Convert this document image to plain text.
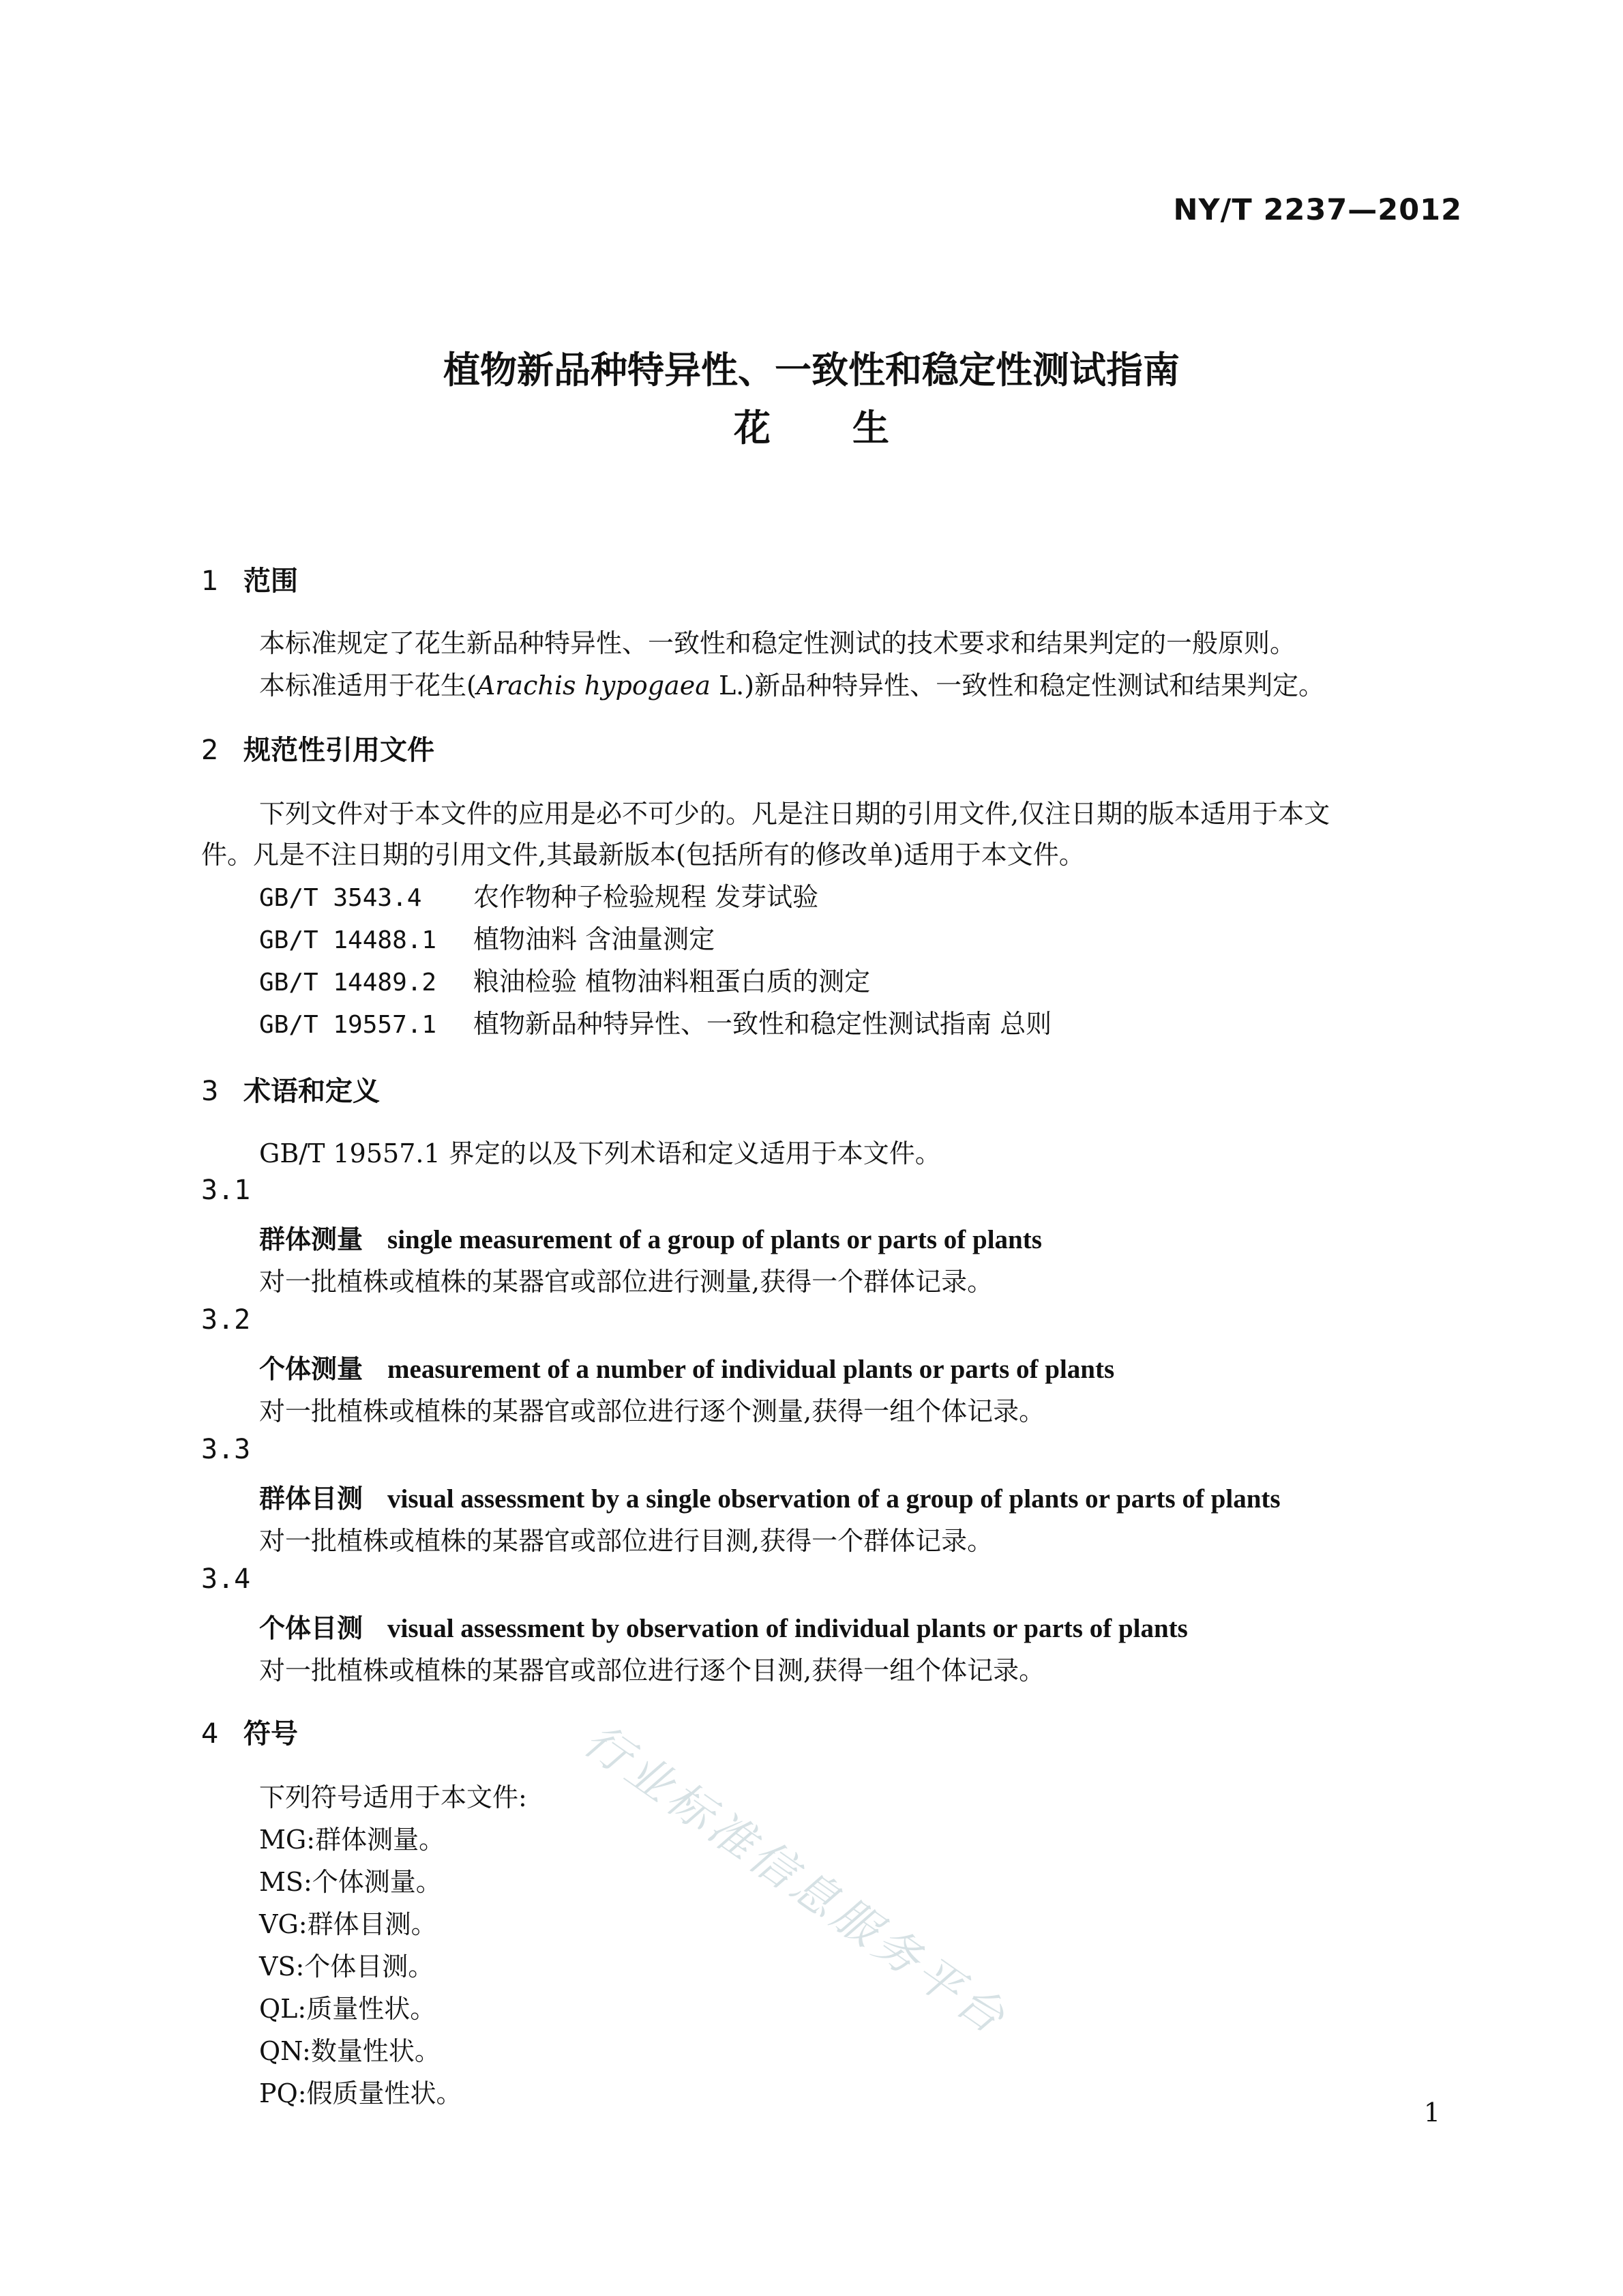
NY/T 2237—2012
植物新品种特异性、一致性和稳定性测试指南
花生
1 范围
本标准规定了花生新品种特异性、一致性和稳定性测试的技术要求和结果判定的一般原则。
本标准适用于花生(Arachis hypogaea L.)新品种特异性、一致性和稳定性测试和结果判定。
2 规范性引用文件
下列文件对于本文件的应用是必不可少的。凡是注日期的引用文件,仅注日期的版本适用于本文
件。凡是不注日期的引用文件,其最新版本(包括所有的修改单)适用于本文件。
GB/T 3543.4 农作物种子检验规程 发芽试验
GB/T 14488.1 植物油料 含油量测定
GB/T 14489.2 粮油检验 植物油料粗蛋白质的测定
GB/T 19557.1 植物新品种特异性、一致性和稳定性测试指南 总则
3 术语和定义
GB/T 19557.1 界定的以及下列术语和定义适用于本文件。
3.1
群体测量 single measurement of a group of plants or parts of plants
对一批植株或植株的某器官或部位进行测量,获得一个群体记录。
3.2
个体测量 measurement of a number of individual plants or parts of plants
对一批植株或植株的某器官或部位进行逐个测量,获得一组个体记录。
3.3
群体目测 visual assessment by a single observation of a group of plants or parts of plants
对一批植株或植株的某器官或部位进行目测,获得一个群体记录。
3.4
个体目测 visual assessment by observation of individual plants or parts of plants
对一批植株或植株的某器官或部位进行逐个目测,获得一组个体记录。
4 符号
下列符号适用于本文件:
MG:群体测量。
MS:个体测量。
VG:群体目测。
VS:个体目测。
QL:质量性状。
QN:数量性状。
PQ:假质量性状。
行业标准信息服务平台
1
